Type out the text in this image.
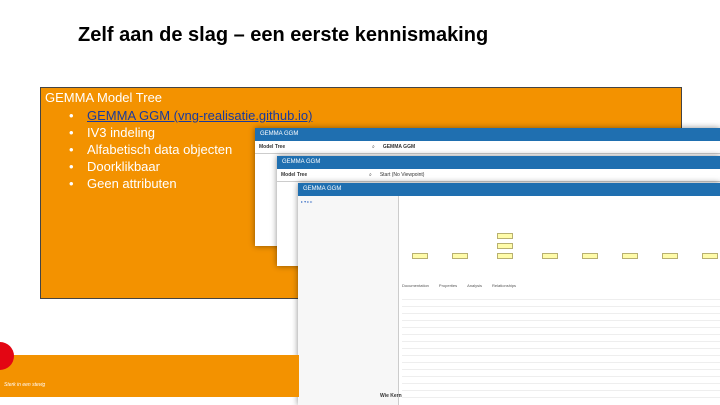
Zelf aan de slag – een eerste kennismaking
GEMMA Model Tree
• GEMMA GGM (vng-realisatie.github.io)
• IV3 indeling
• Alfabetisch data objecten
• Doorklikbaar
• Geen attributen
GEMMA GGM
Model Tree	⌕	GEMMA GGM
GEMMA GGM
Model Tree	⌕	Start (No Viewpoint)
GEMMA GGM
▸ ▾ ▸ ▸
Documentation	Properties	Analysis	Relationships
Wie Kern
Sterk in een stevig
